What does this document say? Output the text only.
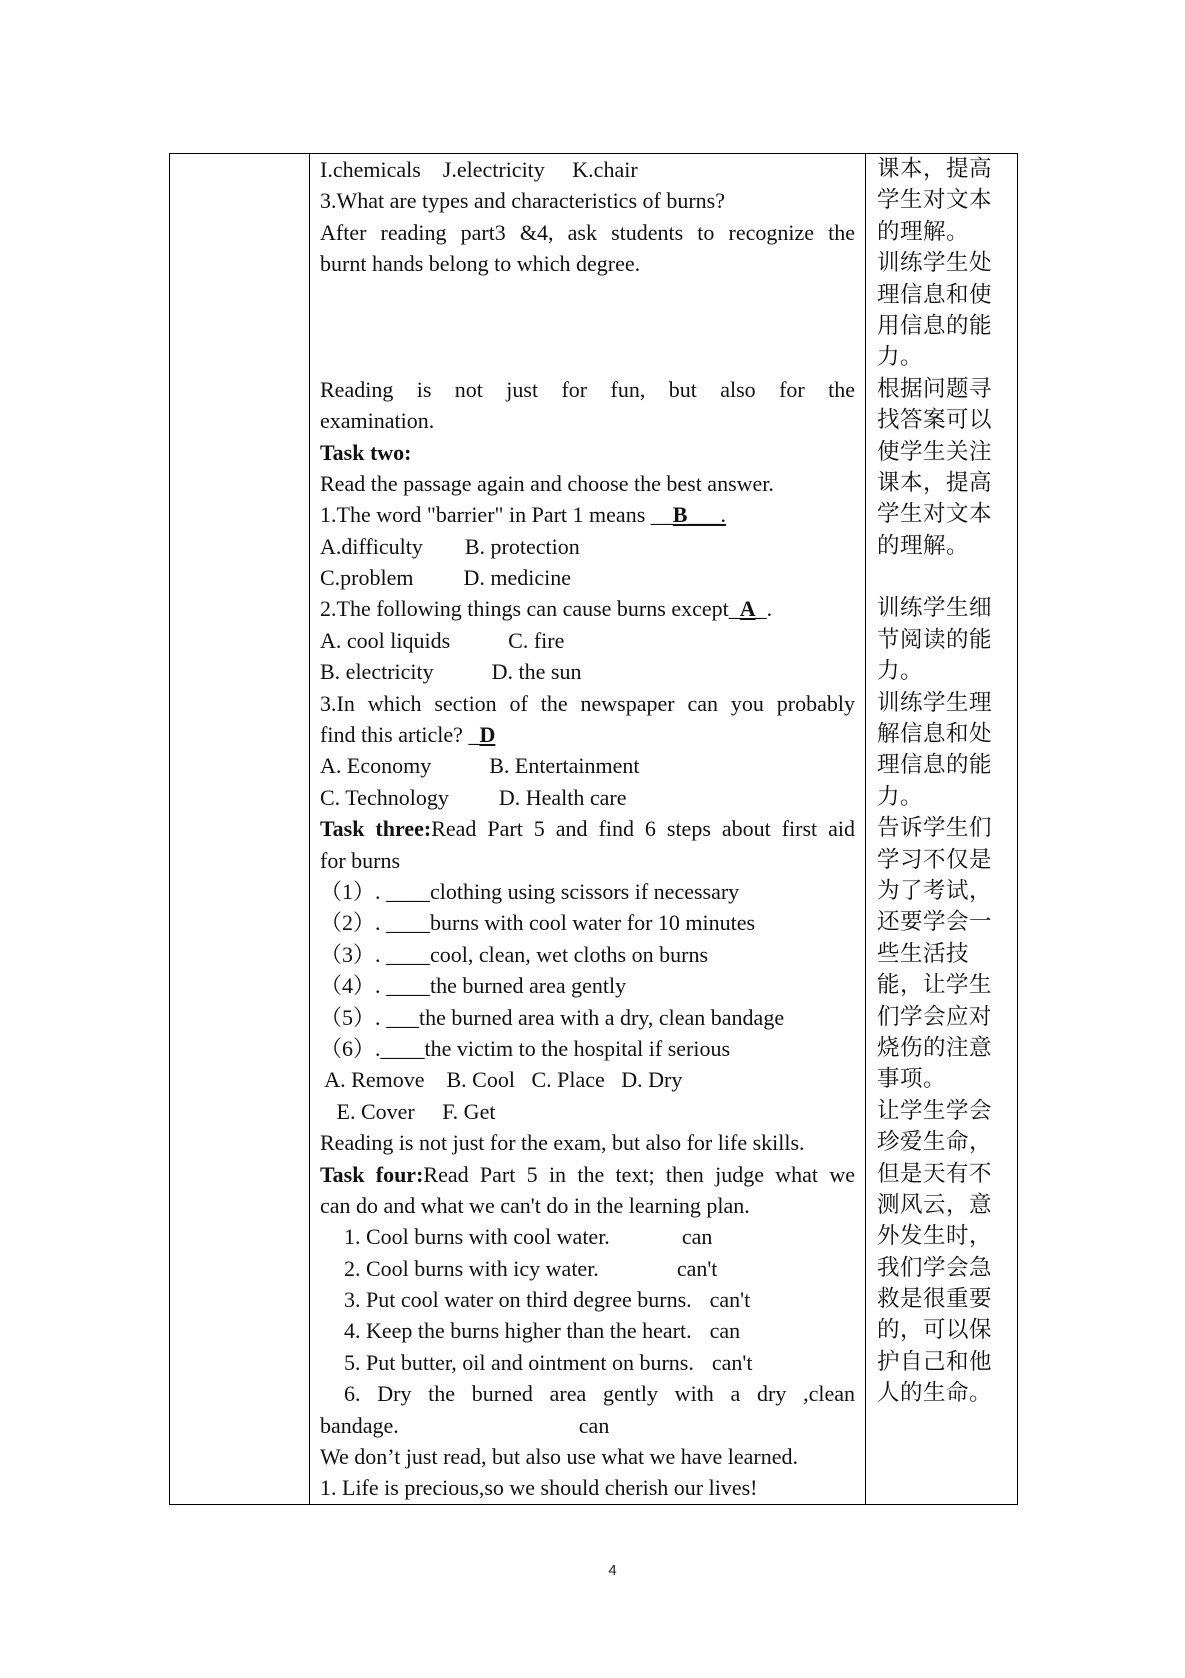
I.chemicals    J.electricity     K.chair
3.What are types and characteristics of burns?
After reading part3 &4, ask students to recognize the
burnt hands belong to which degree.
Reading is not just for fun, but also for the
examination.
Task two:
Read the passage again and choose the best answer.
1.The word "barrier" in Part 1 means __B___.
A.difficulty B. protection
C.problem D. medicine
2.The following things can cause burns except_A_.
A. cool liquids	C. fire
B. electricity	D. the sun
3.In which section of the newspaper can you probably
find this article? _D
A. Economy	B. Entertainment
C. Technology D. Health care
Task three:Read Part 5 and find 6 steps about first aid
for burns
（1）. ____clothing using scissors if necessary
（2）. ____burns with cool water for 10 minutes
（3）. ____cool, clean, wet cloths on burns
（4）. ____the burned area gently
（5）. ___the burned area with a dry, clean bandage
（6）.____the victim to the hospital if serious
A. Remove    B. Cool   C. Place   D. Dry
E. Cover     F. Get
Reading is not just for the exam, but also for life skills.
Task four:Read Part 5 in the text; then judge what we
can do and what we can't do in the learning plan.
1. Cool burns with cool water.	can
2. Cool burns with icy water.	can't
3. Put cool water on third degree burns. can't
4. Keep the burns higher than the heart. can
5. Put butter, oil and ointment on burns. can't
6. Dry the burned area gently with a dry ,clean
bandage.	can
We don’t just read, but also use what we have learned.
1. Life is precious,so we should cherish our lives!

课本，提高
学生对文本
的理解。
训练学生处
理信息和使
用信息的能
力。
根据问题寻
找答案可以
使学生关注
课本，提高
学生对文本
的理解。
训练学生细
节阅读的能
力。
训练学生理
解信息和处
理信息的能
力。
告诉学生们
学习不仅是
为了考试，
还要学会一
些生活技
能，让学生
们学会应对
烧伤的注意
事项。
让学生学会
珍爱生命，
但是天有不
测风云，意
外发生时，
我们学会急
救是很重要
的，可以保
护自己和他
人的生命。
4
